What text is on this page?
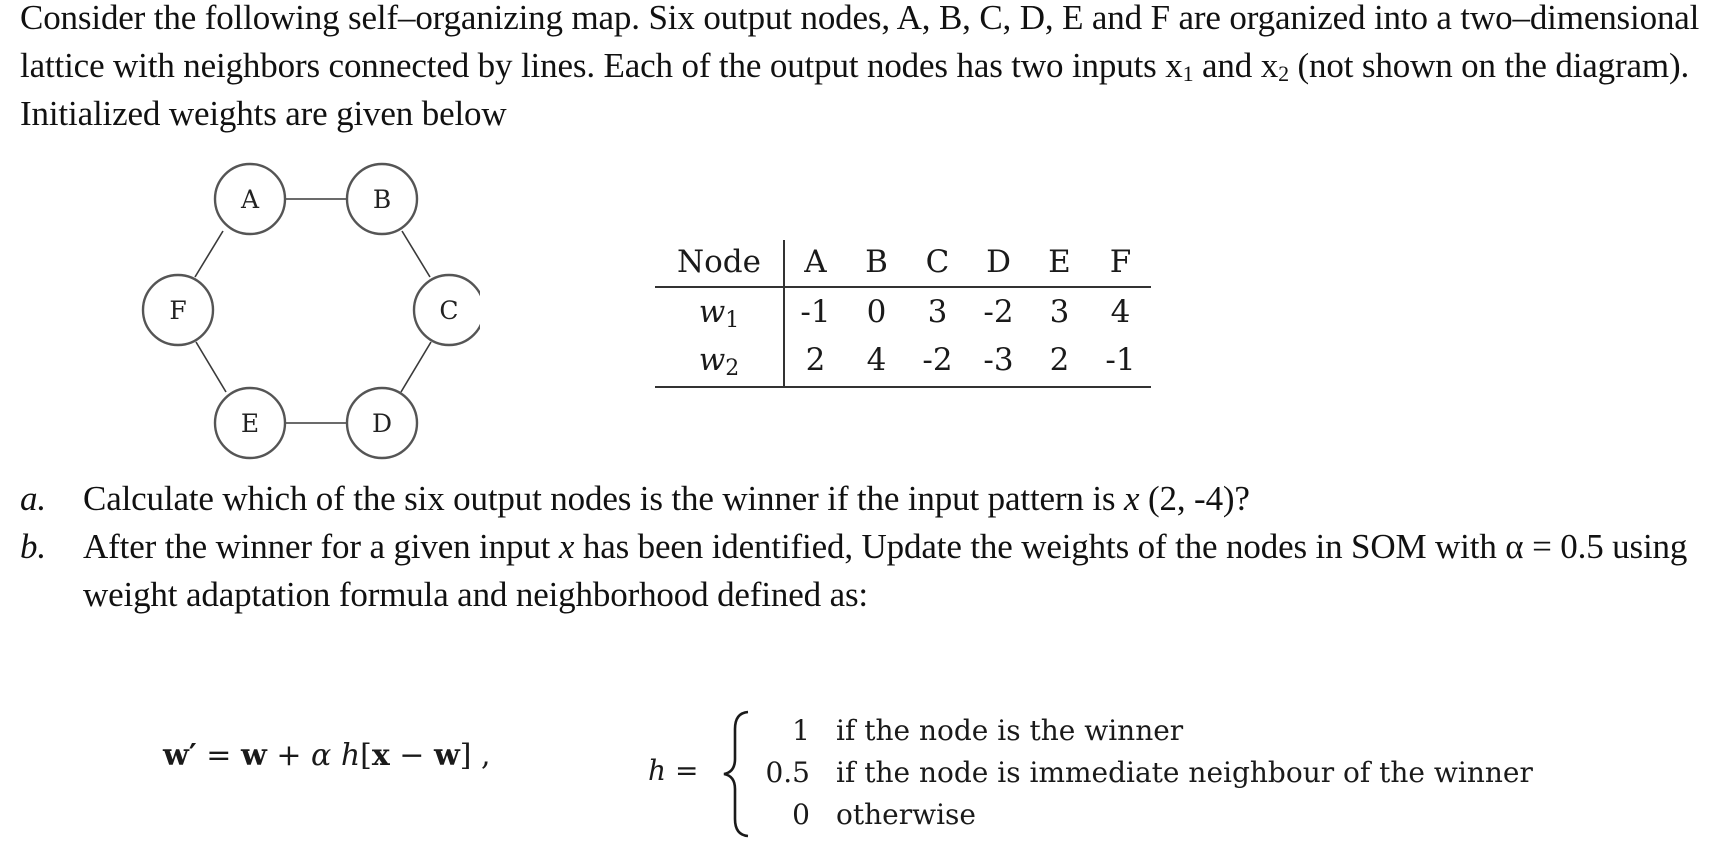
Consider the following self–organizing map. Six output nodes, A, B, C, D, E and F are organized into a two–dimensional lattice with neighbors connected by lines. Each of the output nodes has two inputs $x_1$ and $x_2$ (not shown on the diagram). Initialized weights are given below

A	B
C
D
E
F
Node	A	B	C	D	E	F
$w_1$	-1	0	3	-2	3	4
$w_2$	2	4	-2	-3	2	-1
a. Calculate which of the six output nodes is the winner if the input pattern is x (2, -4)?
b. After the winner for a given input x has been identified, Update the weights of the nodes in SOM with α = 0.5 using weight adaptation formula and neighborhood defined as:
w′ = w + α h[x − w] ,	h =
1 if the node is the winner
0.5 if the node is immediate neighbour of the winner
0 otherwise
